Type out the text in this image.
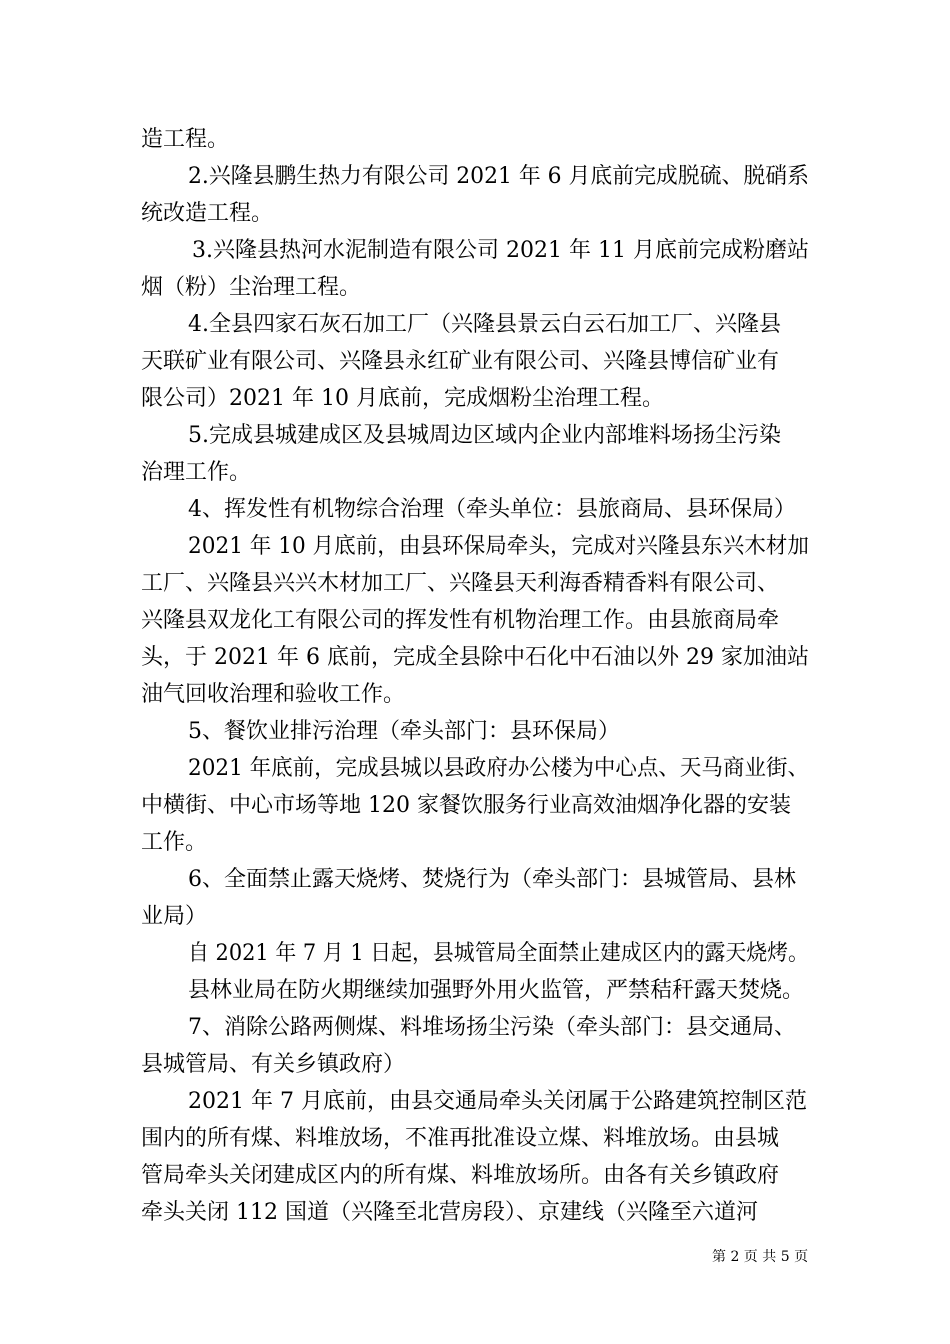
造工程。
2.兴隆县鹏生热力有限公司 2021 年 6 月底前完成脱硫、脱硝系
统改造工程。
3.兴隆县热河水泥制造有限公司 2021 年 11 月底前完成粉磨站
烟（粉）尘治理工程。
4.全县四家石灰石加工厂（兴隆县景云白云石加工厂、兴隆县
天联矿业有限公司、兴隆县永红矿业有限公司、兴隆县博信矿业有
限公司）2021 年 10 月底前，完成烟粉尘治理工程。
5.完成县城建成区及县城周边区域内企业内部堆料场扬尘污染
治理工作。
4、挥发性有机物综合治理（牵头单位：县旅商局、县环保局）
2021 年 10 月底前，由县环保局牵头，完成对兴隆县东兴木材加
工厂、兴隆县兴兴木材加工厂、兴隆县天利海香精香料有限公司、
兴隆县双龙化工有限公司的挥发性有机物治理工作。由县旅商局牵
头，于 2021 年 6 底前，完成全县除中石化中石油以外 29 家加油站
油气回收治理和验收工作。
5、餐饮业排污治理（牵头部门：县环保局）
2021 年底前，完成县城以县政府办公楼为中心点、天马商业街、
中横街、中心市场等地 120 家餐饮服务行业高效油烟净化器的安装
工作。
6、全面禁止露天烧烤、焚烧行为（牵头部门：县城管局、县林
业局）
自 2021 年 7 月 1 日起，县城管局全面禁止建成区内的露天烧烤。
县林业局在防火期继续加强野外用火监管，严禁秸秆露天焚烧。
7、消除公路两侧煤、料堆场扬尘污染（牵头部门：县交通局、
县城管局、有关乡镇政府）
2021 年 7 月底前，由县交通局牵头关闭属于公路建筑控制区范
围内的所有煤、料堆放场，不准再批准设立煤、料堆放场。由县城
管局牵头关闭建成区内的所有煤、料堆放场所。由各有关乡镇政府
牵头关闭 112 国道（兴隆至北营房段）、京建线（兴隆至六道河
第 2 页 共 5 页
